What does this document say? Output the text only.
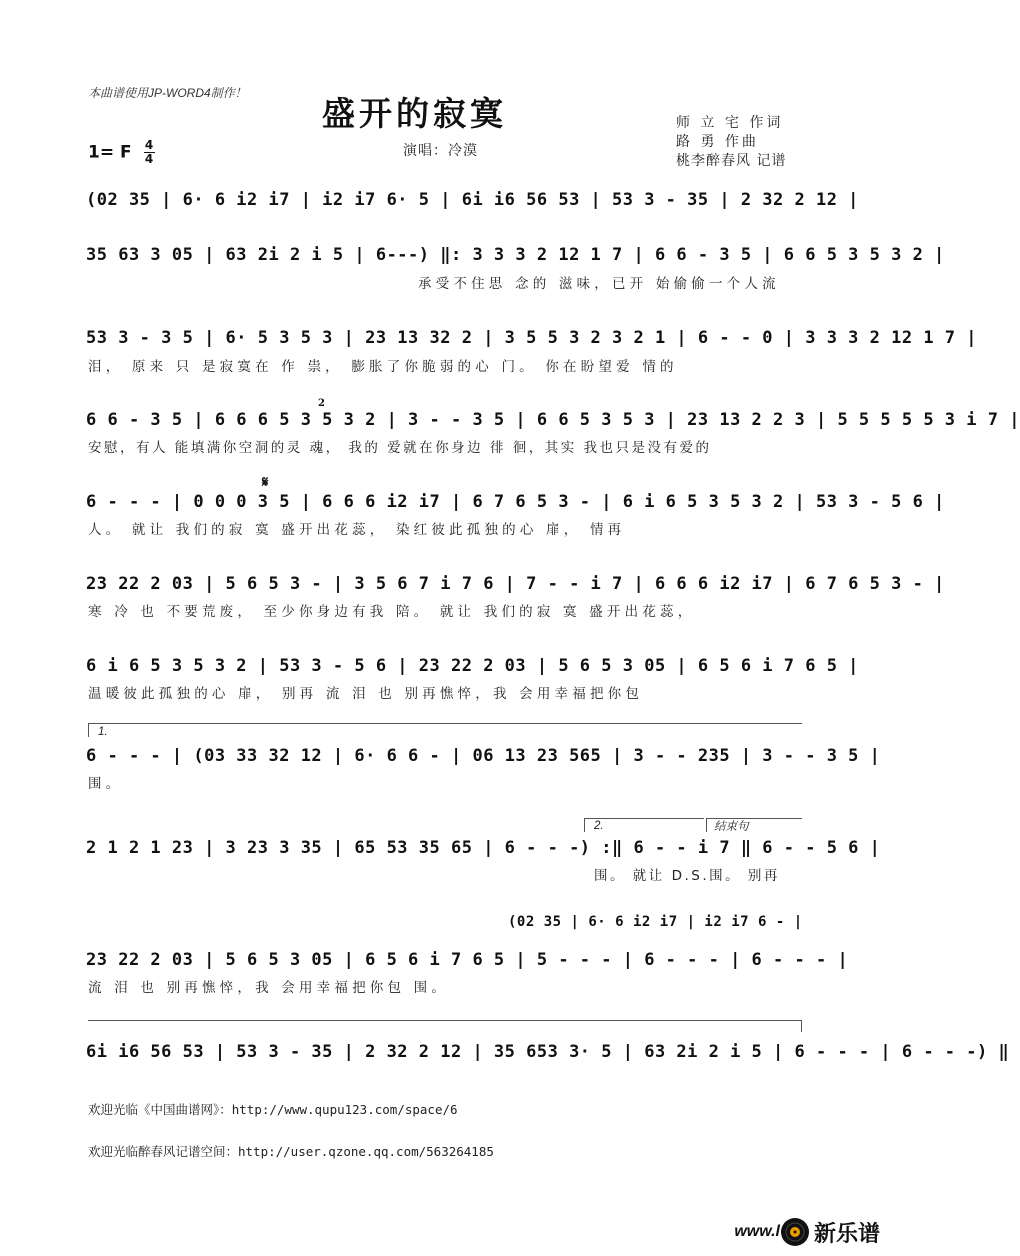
本曲谱使用JP-WORD4制作！
盛开的寂寞	师 立 宅 作词
路 勇 作曲
桃李醉春风 记谱
1= F $\frac{4}{4}$	演唱：冷漠
(02 35 | 6· 6 i2 i7 | i2 i7 6· 5 | 6i i6 56 53 | 53 3 - 35 | 2 32 2 12 |
35 63 3 05 | 63 2i 2 i 5 | 6---) ‖: 3 3 3 2 12 1 7 | 6 6 - 3 5 | 6 6 5 3 5 3 2 |
承受不住思 念的 滋味，已开 始偷偷一个人流
53 3 - 3 5 | 6· 5 3 5 3 | 23 13 32 2 | 3 5 5 3 2 3 2 1 | 6 - - 0 | 3 3 3 2 12 1 7 |
泪， 原来 只 是寂寞在 作 祟， 膨胀了你脆弱的心 门。 你在盼望爱 情的
2
6 6 - 3 5 | 6 6 6 5 3 5 3 2 | 3 - - 3 5 | 6 6 5 3 5 3 | 23 13 2 2 3 | 5 5 5 5 5 3 i 7 |
安慰，有人 能填满你空洞的灵 魂， 我的 爱就在你身边 徘 徊，其实 我也只是没有爱的
𝄋
6 - - - | 0 0 0 3 5 | 6 6 6 i2 i7 | 6 7 6 5 3 - | 6 i 6 5 3 5 3 2 | 53 3 - 5 6 |
人。 就让 我们的寂 寞 盛开出花蕊， 染红彼此孤独的心 扉， 情再
23 22 2 03 | 5 6 5 3 - | 3 5 6 7 i 7 6 | 7 - - i 7 | 6 6 6 i2 i7 | 6 7 6 5 3 - |
寒 冷 也 不要荒废， 至少你身边有我 陪。 就让 我们的寂 寞 盛开出花蕊，
6 i 6 5 3 5 3 2 | 53 3 - 5 6 | 23 22 2 03 | 5 6 5 3 05 | 6 5 6 i 7 6 5 |
温暖彼此孤独的心 扉， 别再 流 泪 也 别再憔悴，我 会用幸福把你包
1.
6 - - - | (03 33 32 12 | 6· 6 6 - | 06 13 23 565 | 3 - - 235 | 3 - - 3 5 |
围。
2.	结束句
2 1 2 1 23 | 3 23 3 35 | 65 53 35 65 | 6 - - -) :‖ 6 - - i 7 ‖ 6 - - 5 6 |
围。 就让 D.S.围。 别再
(02 35 | 6· 6 i2 i7 | i2 i7 6 - |
23 22 2 03 | 5 6 5 3 05 | 6 5 6 i 7 6 5 | 5 - - - | 6 - - - | 6 - - - |
流 泪 也 别再憔悴，我 会用幸福把你包 围。
6i i6 56 53 | 53 3 - 35 | 2 32 2 12 | 35 653 3· 5 | 63 2i 2 i 5 | 6 - - - | 6 - - -) ‖
欢迎光临《中国曲谱网》：http://www.qupu123.com/space/6
欢迎光临醉春风记谱空间：http://user.qzone.qq.com/563264185
www.l 新乐谱
